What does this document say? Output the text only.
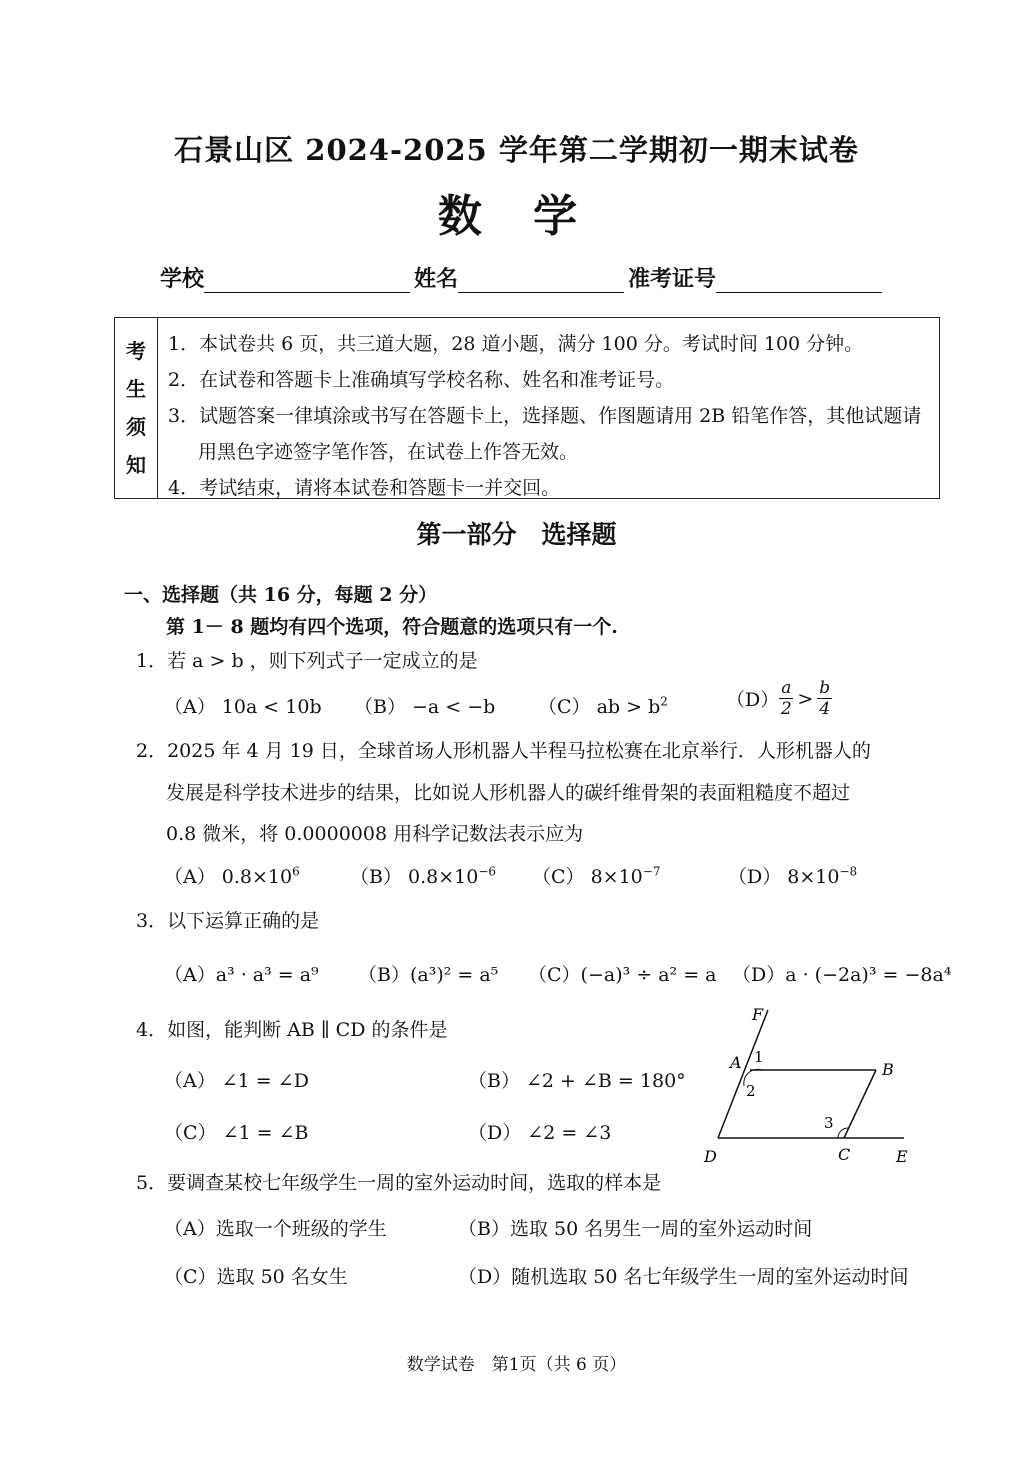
石景山区 2024-2025 学年第二学期初一期末试卷
数 学
学校	姓名	准考证号
考
生
须
知
1．本试卷共 6 页，共三道大题，28 道小题，满分 100 分。考试时间 100 分钟。
2．在试卷和答题卡上准确填写学校名称、姓名和准考证号。
3．试题答案一律填涂或书写在答题卡上，选择题、作图题请用 2B 铅笔作答，其他试题请用黑色字迹签字笔作答，在试卷上作答无效。
4．考试结束，请将本试卷和答题卡一并交回。
第一部分　选择题
一、选择题（共 16 分，每题 2 分）
第 1－ 8 题均有四个选项，符合题意的选项只有一个.
1．若 a > b ，则下列式子一定成立的是
（A） 10a < 10b （B） −a < −b （C） ab > $b^2$	$(D) \frac{a}{2} > \frac{b}{4}$
2．2025 年 4 月 19 日，全球首场人形机器人半程马拉松赛在北京举行．人形机器人的
发展是科学技术进步的结果，比如说人形机器人的碳纤维骨架的表面粗糙度不超过
0.8 微米，将 0.0000008 用科学记数法表示应为
（A） $0.8\times 10^6$	（B） $0.8\times 10^{-6}$ （C） $8\times 10^{-7}$	（D） $8\times 10^{-8}$
3．以下运算正确的是
（A）a³ · a³ = a⁹ （B）(a³)² = a⁵ （C）(−a)³ ÷ a² = a （D）a · (−2a)³ = −8a⁴
4．如图，能判断 AB ∥ CD 的条件是
（A） ∠1 = ∠D	（B） ∠2 + ∠B = 180°
（C） ∠1 = ∠B	（D） ∠2 = ∠3
F
A 1
2
B
3
D	C	E
5．要调查某校七年级学生一周的室外运动时间，选取的样本是
（A）选取一个班级的学生	（B）选取 50 名男生一周的室外运动时间
（C）选取 50 名女生	（D）随机选取 50 名七年级学生一周的室外运动时间
数学试卷　第1页（共 6 页）
